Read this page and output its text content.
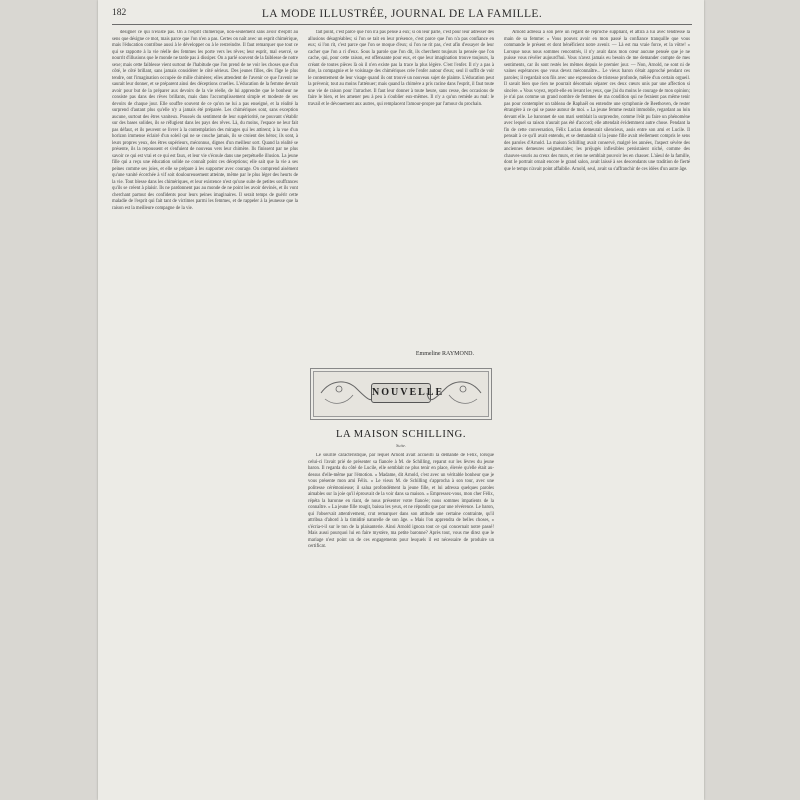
182	LA MODE ILLUSTRÉE, JOURNAL DE LA FAMILLE.

désigner ce qui n'existe pas. On a l'esprit chimérique, non-seulement sans avoir d'esprit au sens que désigne ce mot, mais parce que l'on n'en a pas. Certes on naît avec un esprit chimérique, mais l'éducation contribue aussi à le développer ou à le restreindre. Il faut remarquer que tout ce qui se rapporte à la vie réelle des femmes les porte vers les rêves; leur esprit, mal exercé, se nourrit d'illusions que le monde ne tarde pas à dissiper. On a parlé souvent de la faiblesse de notre sexe; mais cette faiblesse vient surtout de l'habitude que l'on prend de ne voir les choses que d'un côté, le côté brillant, sans jamais considérer le côté sérieux. Des jeunes filles, dès l'âge le plus tendre, ont l'imagination occupée de mille chimères; elles attendent de l'avenir ce que l'avenir ne saurait leur donner, et se préparent ainsi des déceptions cruelles. L'éducation de la femme devrait avoir pour but de la préparer aux devoirs de la vie réelle, de lui apprendre que le bonheur ne consiste pas dans des rêves brillants, mais dans l'accomplissement simple et modeste de ses devoirs de chaque jour. Elle souffre souvent de ce qu'on ne lui a pas enseigné, et la réalité la surprend d'autant plus qu'elle n'y a jamais été préparée. Les chimériques sont, sans exception aucune, surtout des êtres vaniteux. Poussés du sentiment de leur supériorité, ne pouvant s'établir sur des bases solides, ils se réfugient dans les pays des rêves. Là, du moins, l'espace ne leur fait pas défaut, et ils peuvent se livrer à la contemplation des mirages qui les attirent; à la vue d'un horizon immense éclairé d'un soleil qui ne se couche jamais, ils se croient des héros; ils sont, à leurs propres yeux, des êtres supérieurs, méconnus, dignes d'un meilleur sort. Quand la réalité se présente, ils la repoussent et s'enfuient de nouveau vers leur chimère. Ils finissent par ne plus savoir ce qui est vrai et ce qui est faux, et leur vie s'écoule dans une perpétuelle illusion. La jeune fille qui a reçu une éducation solide ne connaît point ces déceptions; elle sait que la vie a ses peines comme ses joies, et elle se prépare à les supporter avec courage. On comprend aisément qu'une vanité écorchée à vif soit douloureusement atteinte, même par le plus léger des heurts de la vie. Tout blesse dans les chimériques, et leur existence n'est qu'une suite de petites souffrances qu'ils se créent à plaisir. Ils ne pardonnent pas au monde de ne point les avoir devinés, et ils vont cherchant partout des confidents pour leurs peines imaginaires. Il serait temps de guérir cette maladie de l'esprit qui fait tant de victimes parmi les femmes, et de rappeler à la jeunesse que la raison est la meilleure compagne de la vie.

fait point, c'est parce que l'on n'a pas pensé à eux; si on leur parle, c'est pour leur adresser des allusions désagréables; si l'on se tait en leur présence, c'est parce que l'on n'a pas confiance en eux; si l'on rit, c'est parce que l'on se moque d'eux; si l'on ne rit pas, c'est afin d'essayer de leur cacher que l'on a ri d'eux. Sous la parole que l'on dit, ils cherchent toujours la pensée que l'on cache, qui, pour cette raison, est offensante pour eux, et que leur imagination trouve toujours, la créant de toutes pièces là où il n'en existe pas la trace la plus légère. C'est l'enfer. Il n'y a pas à dire, la compagnie et le voisinage des chimériques crée l'enfer autour d'eux; seul il suffit de voir le contentement de leur visage quand ils ont trouvé un nouveau sujet de plainte. L'éducation peut la prévenir, tout au moins l'atténuer; mais quand la chimère a pris racine dans l'esprit, il faut toute une vie de raison pour l'arracher. Il faut leur donner à toute heure, sans cesse, des occasions de faire le bien, et les amener peu à peu à s'oublier eux-mêmes. Il n'y a qu'un remède au mal: le travail et le dévouement aux autres, qui remplacent l'amour-propre par l'amour du prochain.

Emmeline RAYMOND.
NOUVELLE
LA MAISON SCHILLING.
Suite.

Le sourire caractéristique, par lequel Arnold avait accueilli la demande de Félix, lorsque celui-ci l'avait prié de présenter sa fiancée à M. de Schilling, reparut sur les lèvres du jeune baron. Il regarda du côté de Lucile, elle semblait ne plus tenir en place, élevée qu'elle était au-dessus d'elle-même par l'émotion. « Madame, dit Arnold, c'est avec un véritable bonheur que je vous présente mon ami Félix. » Le vieux M. de Schilling s'approcha à son tour, avec une politesse cérémonieuse; il salua profondément la jeune fille, et lui adressa quelques paroles aimables sur la joie qu'il éprouvait de la voir dans sa maison. « Empressez-vous, mon cher Félix, répéta la baronne en riant, de nous présenter votre fiancée; nous sommes impatients de la connaître. » La jeune fille rougit, baissa les yeux, et ne répondit que par une révérence. Le baron, qui l'observait attentivement, crut remarquer dans son attitude une certaine contrainte, qu'il attribua d'abord à la timidité naturelle de son âge. « Mais l'on apprendra de belles choses, » s'écria-t-il sur le ton de la plaisanterie. Ainsi Arnold ignora tout ce qui concernait notre passé! Mais aussi pourquoi lui en faire mystère, ma petite baronne? Après tout, vous me direz que le mariage n'est point un de ces engagements pour lesquels il est nécessaire de produire un certificat.

Arnold adressa à son père un regard de reproche suppliant, et attira à lui avec tendresse la main de sa femme: « Vous pouvez avoir en mon passé la confiance tranquille que vous commande le présent et dont bénéficient notre avenir. — Là est ma vraie force, et la vôtre! » Lorsque nous nous sommes rencontrés, il n'y avait dans mon cœur aucune pensée que je ne puisse vous révéler aujourd'hui. Vous n'avez jamais eu besoin de me demander compte de mes sentiments, car ils sont restés les mêmes depuis le premier jour. — Non, Arnold, ne sont ni de vaines espérances que vous devez méconnaître... Le vieux baron s'était approché pendant ces paroles; il regardait son fils avec une expression de tristesse profonde, mêlée d'un certain orgueil. Il savait bien que rien ne pourrait désormais séparer ces deux cœurs unis par une affection si sincère. « Vous voyez, reprit-elle en levant les yeux, que j'ai du moins le courage de mon opinion; je n'ai pas comme un grand nombre de femmes de ma condition qui ne feraient pas même tenir pas pour contempler un tableau de Raphaël ou entendre une symphonie de Beethoven, de rester étrangère à ce qui se passe autour de moi. » La jeune femme restait immobile, regardant au loin devant elle. Le baronnet de son mari semblait la surprendre, comme l'eût pu faire un phénomène avec lequel sa raison n'aurait pas été d'accord; elle attendait évidemment autre chose. Pendant la fin de cette conversation, Félix Lucian demeurait silencieux, assis entre son ami et Lucile. Il pensait à ce qu'il avait entendu, et se demandait si la jeune fille avait réellement compris le sens des paroles d'Arnold. La maison Schilling avait conservé, malgré les années, l'aspect sévère des anciennes demeures seigneuriales; les préjugés inflexibles persistaient niché, comme des chauves-souris au creux des murs, et rien ne semblait pouvoir les en chasser. L'aïeul de la famille, dont le portrait ornait encore le grand salon, avait laissé à ses descendants une tradition de fierté que le temps n'avait point affaiblie. Arnold, seul, avait su s'affranchir de ces idées d'un autre âge.
